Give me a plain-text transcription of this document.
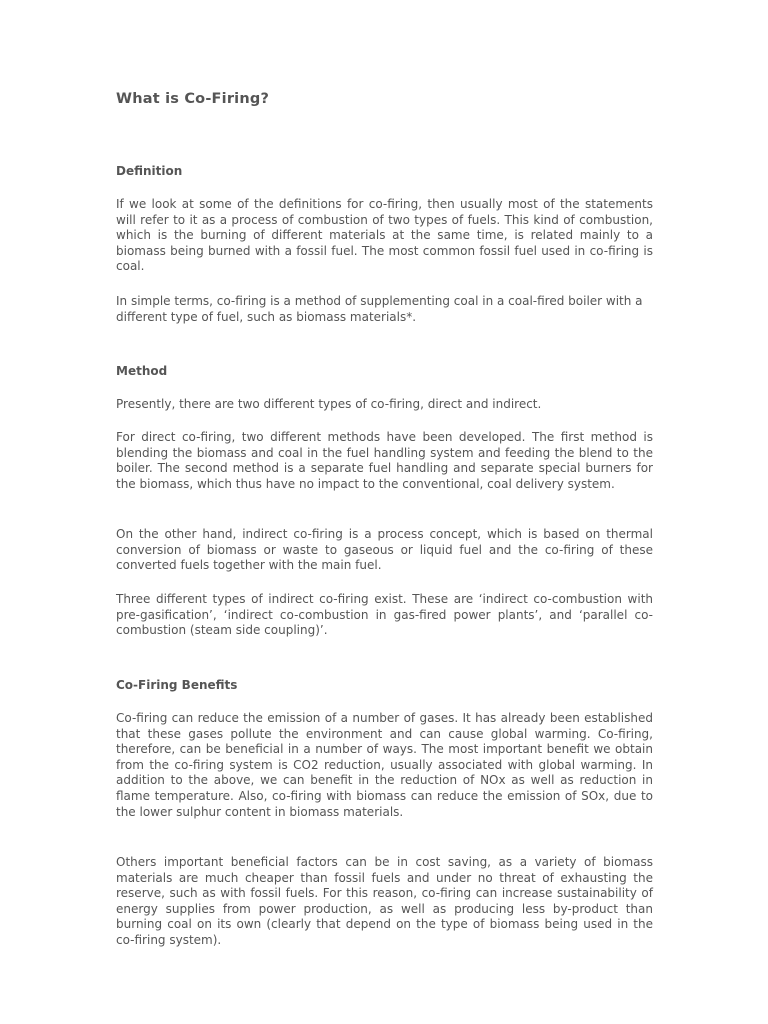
What is Co-Firing?
Definition

If we look at some of the definitions for co-firing, then usually most of the statements will refer to it as a process of combustion of two types of fuels. This kind of combustion, which is the burning of different materials at the same time, is related mainly to a biomass being burned with a fossil fuel. The most common fossil fuel used in co-firing is coal.

In simple terms, co-firing is a method of supplementing coal in a coal-fired boiler with a different type of fuel, such as biomass materials*.

Method

Presently, there are two different types of co-firing, direct and indirect.

For direct co-firing, two different methods have been developed. The first method is blending the biomass and coal in the fuel handling system and feeding the blend to the boiler. The second method is a separate fuel handling and separate special burners for the biomass, which thus have no impact to the conventional, coal delivery system.

On the other hand, indirect co-firing is a process concept, which is based on thermal conversion of biomass or waste to gaseous or liquid fuel and the co-firing of these converted fuels together with the main fuel.

Three different types of indirect co-firing exist. These are ‘indirect co-combustion with pre-gasification’, ‘indirect co-combustion in gas-fired power plants’, and ‘parallel co-combustion (steam side coupling)’.

Co-Firing Benefits

Co-firing can reduce the emission of a number of gases. It has already been established that these gases pollute the environment and can cause global warming. Co-firing, therefore, can be beneficial in a number of ways. The most important benefit we obtain from the co-firing system is CO2 reduction, usually associated with global warming. In addition to the above, we can benefit in the reduction of NOx as well as reduction in flame temperature. Also, co-firing with biomass can reduce the emission of SOx, due to the lower sulphur content in biomass materials.

Others important beneficial factors can be in cost saving, as a variety of biomass materials are much cheaper than fossil fuels and under no threat of exhausting the reserve, such as with fossil fuels. For this reason, co-firing can increase sustainability of energy supplies from power production, as well as producing less by-product than burning coal on its own (clearly that depend on the type of biomass being used in the co-firing system).
